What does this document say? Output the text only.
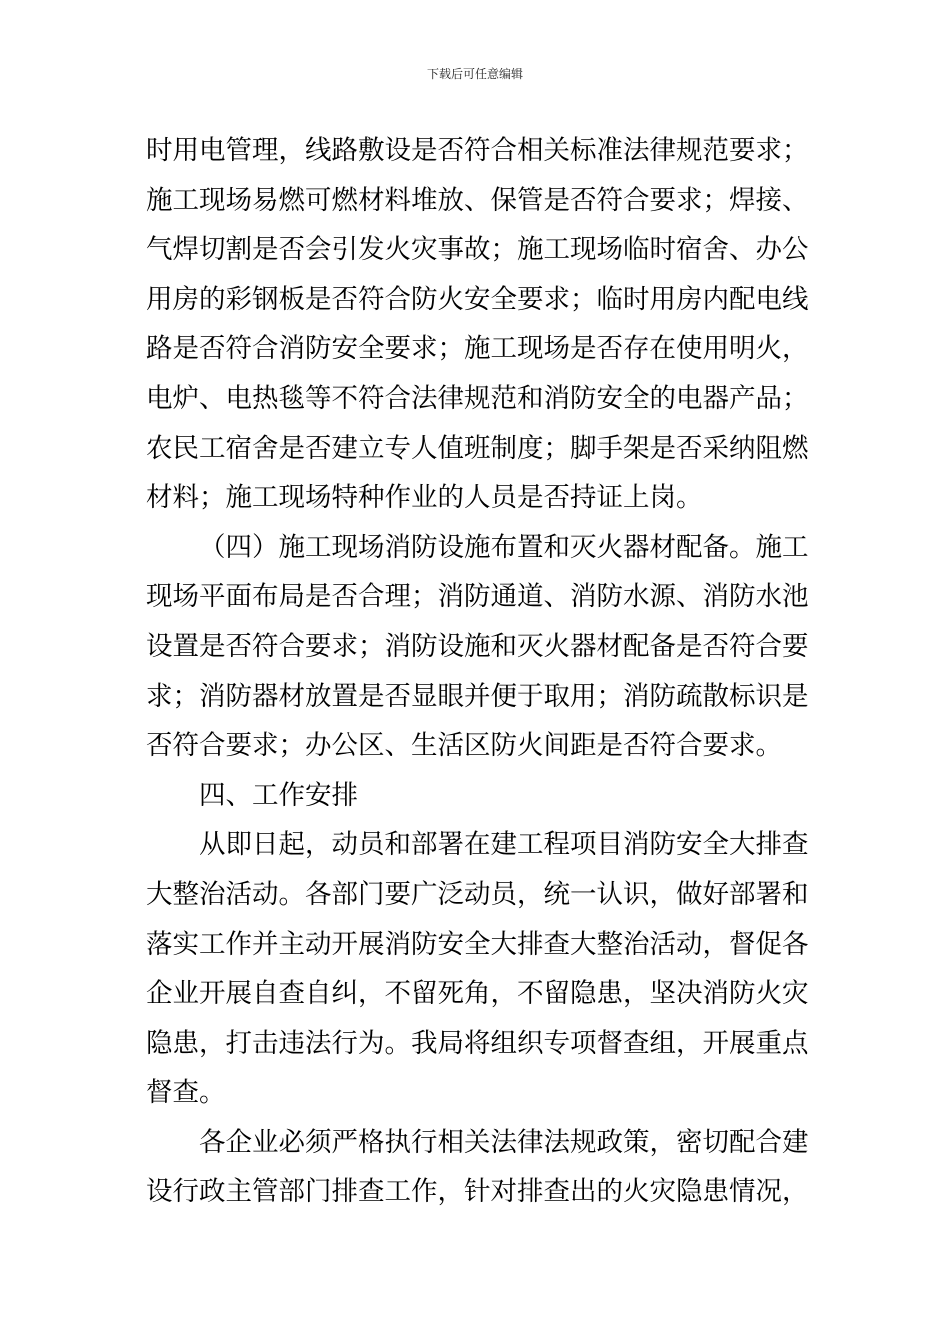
下载后可任意编辑
时用电管理，线路敷设是否符合相关标准法律规范要求；
施工现场易燃可燃材料堆放、保管是否符合要求；焊接、
气焊切割是否会引发火灾事故；施工现场临时宿舍、办公
用房的彩钢板是否符合防火安全要求；临时用房内配电线
路是否符合消防安全要求；施工现场是否存在使用明火，
电炉、电热毯等不符合法律规范和消防安全的电器产品；
农民工宿舍是否建立专人值班制度；脚手架是否采纳阻燃
材料；施工现场特种作业的人员是否持证上岗。
（四）施工现场消防设施布置和灭火器材配备。施工
现场平面布局是否合理；消防通道、消防水源、消防水池
设置是否符合要求；消防设施和灭火器材配备是否符合要
求；消防器材放置是否显眼并便于取用；消防疏散标识是
否符合要求；办公区、生活区防火间距是否符合要求。
四、工作安排
从即日起，动员和部署在建工程项目消防安全大排查
大整治活动。各部门要广泛动员，统一认识，做好部署和
落实工作并主动开展消防安全大排查大整治活动，督促各
企业开展自查自纠，不留死角，不留隐患，坚决消防火灾
隐患，打击违法行为。我局将组织专项督查组，开展重点
督查。
各企业必须严格执行相关法律法规政策，密切配合建
设行政主管部门排查工作，针对排查出的火灾隐患情况，
